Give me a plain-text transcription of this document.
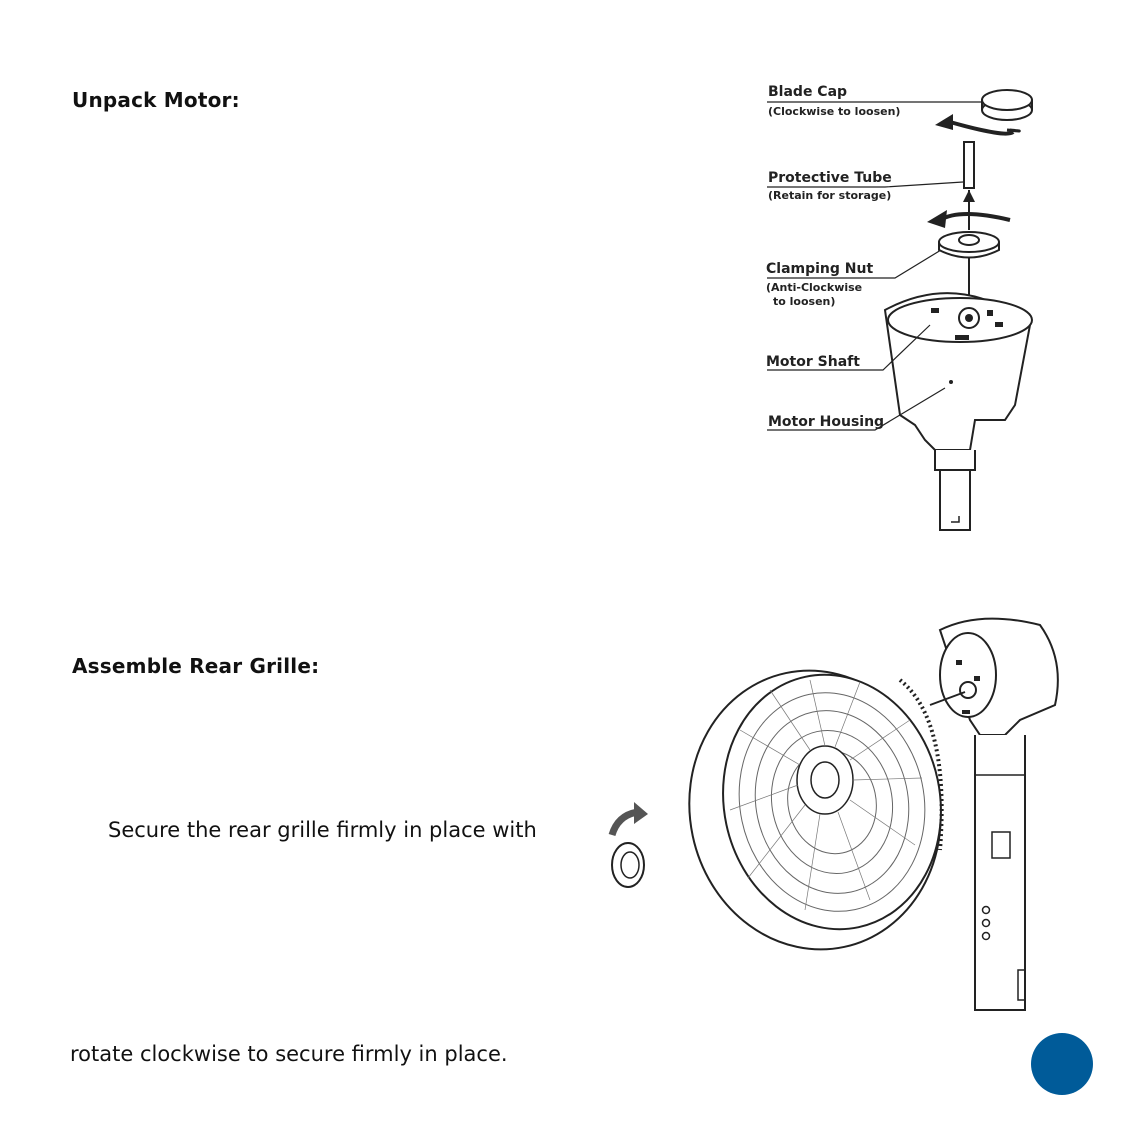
Unpack Motor:	Blade Cap
(Clockwise to loosen)
Protective Tube
(Retain for storage)
Clamping Nut
(Anti-Clockwise
to loosen)
Motor Shaft
Motor Housing
Assemble Rear Grille:
Secure the rear grille firmly in place with
rotate clockwise to secure firmly in place.
